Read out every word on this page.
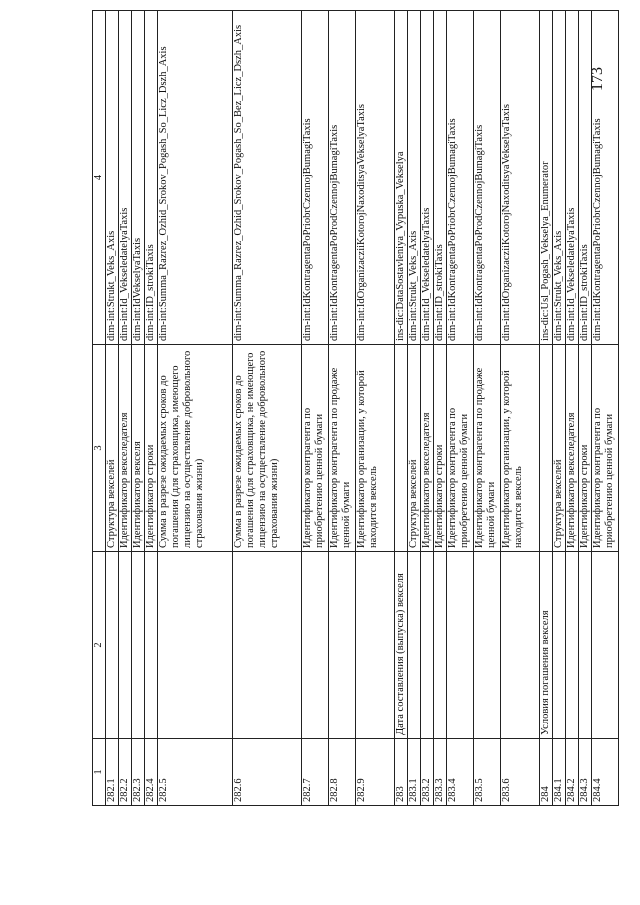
173
1	2	3	4
282.1		Структура векселей	dim-int:Strukt_Veks_Axis
282.2		Идентификатор векселедателя	dim-int:Id_VekseledatelyaTaxis
282.3		Идентификатор векселя	dim-int:IdVekselyaTaxis
282.4		Идентификатор строки	dim-int:ID_strokiTaxis
282.5		Сумма в разрезе ожидаемых сроков до погашения (для страховщика, имеющего лицензию на осуществление добровольного страхования жизни)	dim-int:Summa_Razrez_Ozhid_Srokov_Pogash_So_Licz_Dszh_Axis
282.6		Сумма в разрезе ожидаемых сроков до погашения (для страховщика, не имеющего лицензию на осуществление добровольного страхования жизни)	dim-int:Summa_Razrez_Ozhid_Srokov_Pogash_So_Bez_Licz_Dszh_Axis
282.7		Идентификатор контрагента по приобретению ценной бумаги	dim-int:IdKontragentaPoPriobrCzennojBumagiTaxis
282.8		Идентификатор контрагента по продаже ценной бумаги	dim-int:IdKontragentaPoProdCzennojBumagiTaxis
282.9		Идентификатор организации, у которой находится вексель	dim-int:IdOrganizacziiKotorojNaxoditsyaVekselyaTaxis
283	Дата составления (выпуска) векселя		ins-dic:DataSostavleniya_Vypuska_Vekselya
283.1		Структура векселей	dim-int:Strukt_Veks_Axis
283.2		Идентификатор векселедателя	dim-int:Id_VekseledatelyaTaxis
283.3		Идентификатор строки	dim-int:ID_strokiTaxis
283.4		Идентификатор контрагента по приобретению ценной бумаги	dim-int:IdKontragentaPoPriobrCzennojBumagiTaxis
283.5		Идентификатор контрагента по продаже ценной бумаги	dim-int:IdKontragentaPoProdCzennojBumagiTaxis
283.6		Идентификатор организации, у которой находится вексель	dim-int:IdOrganizacziiKotorojNaxoditsyaVekselyaTaxis
284	Условия погашения векселя		ins-dic:Usl_Pogash_Vekselya_Enumerator
284.1		Структура векселей	dim-int:Strukt_Veks_Axis
284.2		Идентификатор векселедателя	dim-int:Id_VekseledatelyaTaxis
284.3		Идентификатор строки	dim-int:ID_strokiTaxis
284.4		Идентификатор контрагента по приобретению ценной бумаги	dim-int:IdKontragentaPoPriobrCzennojBumagiTaxis
